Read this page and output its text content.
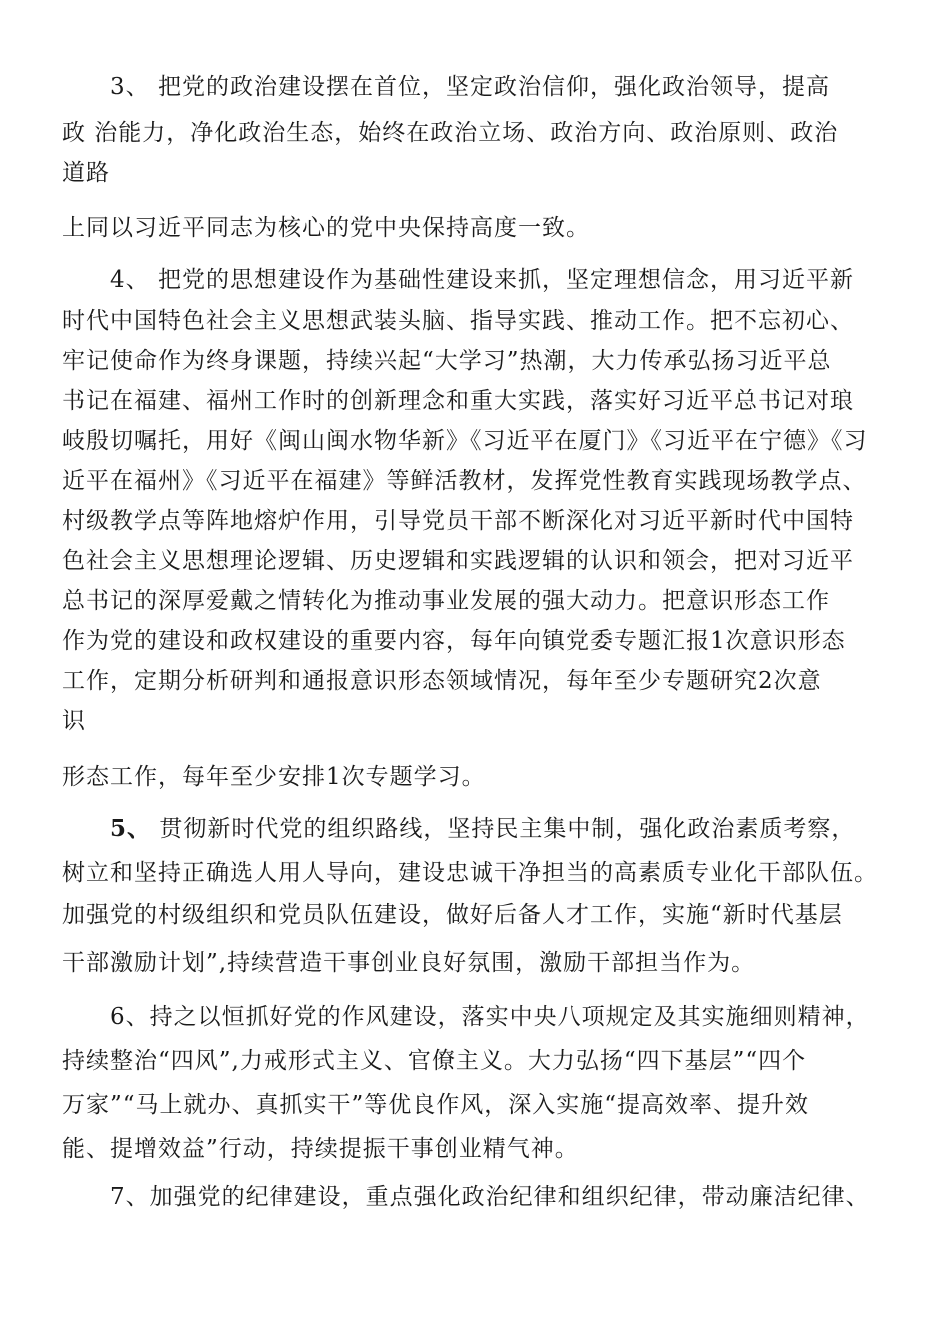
3、 把党的政治建设摆在首位，坚定政治信仰，强化政治领导，提高
政 治能力，净化政治生态，始终在政治立场、政治方向、政治原则、政治
道路
上同以习近平同志为核心的党中央保持高度一致。
4、 把党的思想建设作为基础性建设来抓，坚定理想信念，用习近平新
时代中国特色社会主义思想武装头脑、指导实践、推动工作。把不忘初心、
牢记使命作为终身课题，持续兴起“大学习”热潮，大力传承弘扬习近平总
书记在福建、福州工作时的创新理念和重大实践，落实好习近平总书记对琅
岐殷切嘱托，用好《闽山闽水物华新》《习近平在厦门》《习近平在宁德》《习
近平在福州》《习近平在福建》等鲜活教材，发挥党性教育实践现场教学点、
村级教学点等阵地熔炉作用，引导党员干部不断深化对习近平新时代中国特
色社会主义思想理论逻辑、历史逻辑和实践逻辑的认识和领会，把对习近平
总书记的深厚爱戴之情转化为推动事业发展的强大动力。把意识形态工作
作为党的建设和政权建设的重要内容，每年向镇党委专题汇报1次意识形态
工作，定期分析研判和通报意识形态领域情况，每年至少专题研究2次意
识
形态工作，每年至少安排1次专题学习。
5、 贯彻新时代党的组织路线，坚持民主集中制，强化政治素质考察，
树立和坚持正确选人用人导向，建设忠诚干净担当的高素质专业化干部队伍。
加强党的村级组织和党员队伍建设，做好后备人才工作，实施“新时代基层
干部激励计划”,持续营造干事创业良好氛围，激励干部担当作为。
6、持之以恒抓好党的作风建设，落实中央八项规定及其实施细则精神，
持续整治“四风”,力戒形式主义、官僚主义。大力弘扬“四下基层”“四个
万家”“马上就办、真抓实干”等优良作风，深入实施“提高效率、提升效
能、提增效益”行动，持续提振干事创业精气神。
7、加强党的纪律建设，重点强化政治纪律和组织纪律，带动廉洁纪律、
